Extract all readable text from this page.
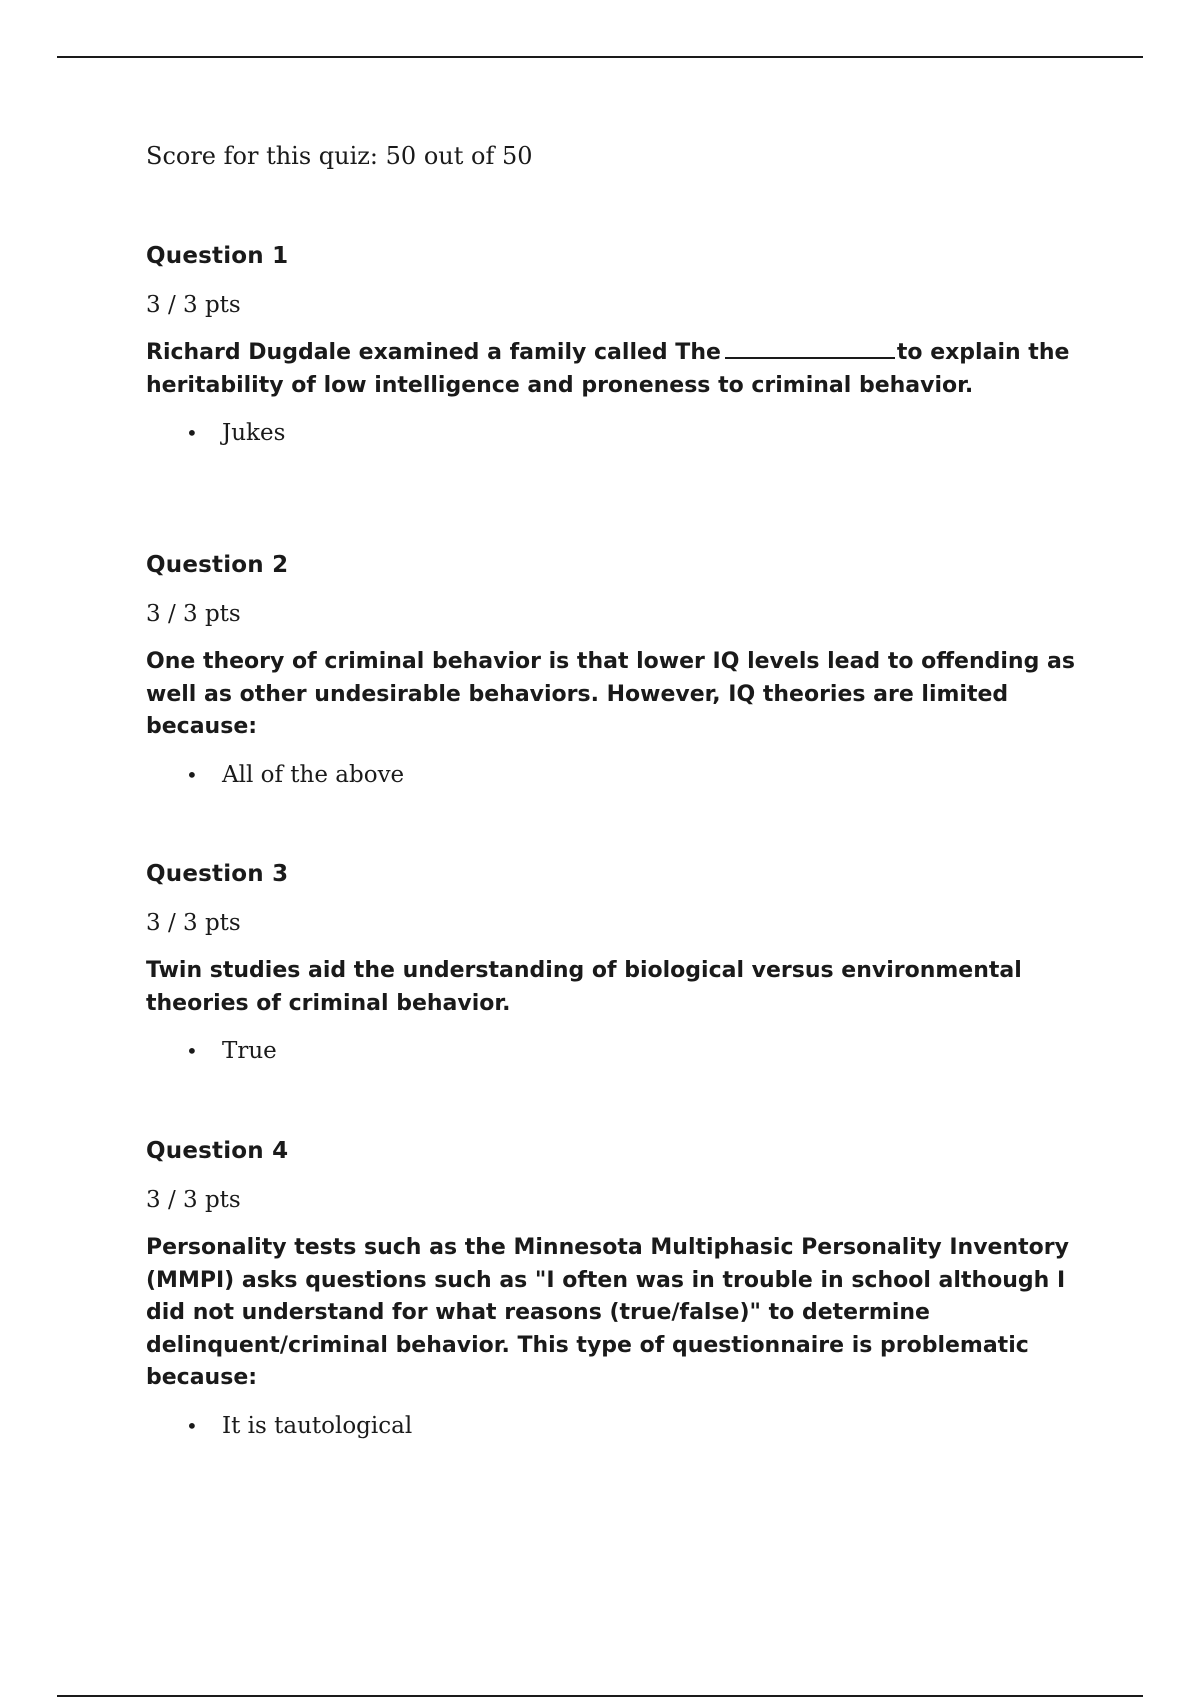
Score for this quiz: 50 out of 50
Question 1
3 / 3 pts
Richard Dugdale examined a family called The	to explain the heritability of low intelligence and proneness to criminal behavior.
• Jukes
Question 2
3 / 3 pts
One theory of criminal behavior is that lower IQ levels lead to offending as well as other undesirable behaviors. However, IQ theories are limited because:
• All of the above
Question 3
3 / 3 pts
Twin studies aid the understanding of biological versus environmental theories of criminal behavior.
• True
Question 4
3 / 3 pts
Personality tests such as the Minnesota Multiphasic Personality Inventory (MMPI) asks questions such as "I often was in trouble in school although I did not understand for what reasons (true/false)" to determine delinquent/criminal behavior. This type of questionnaire is problematic because:
• It is tautological
